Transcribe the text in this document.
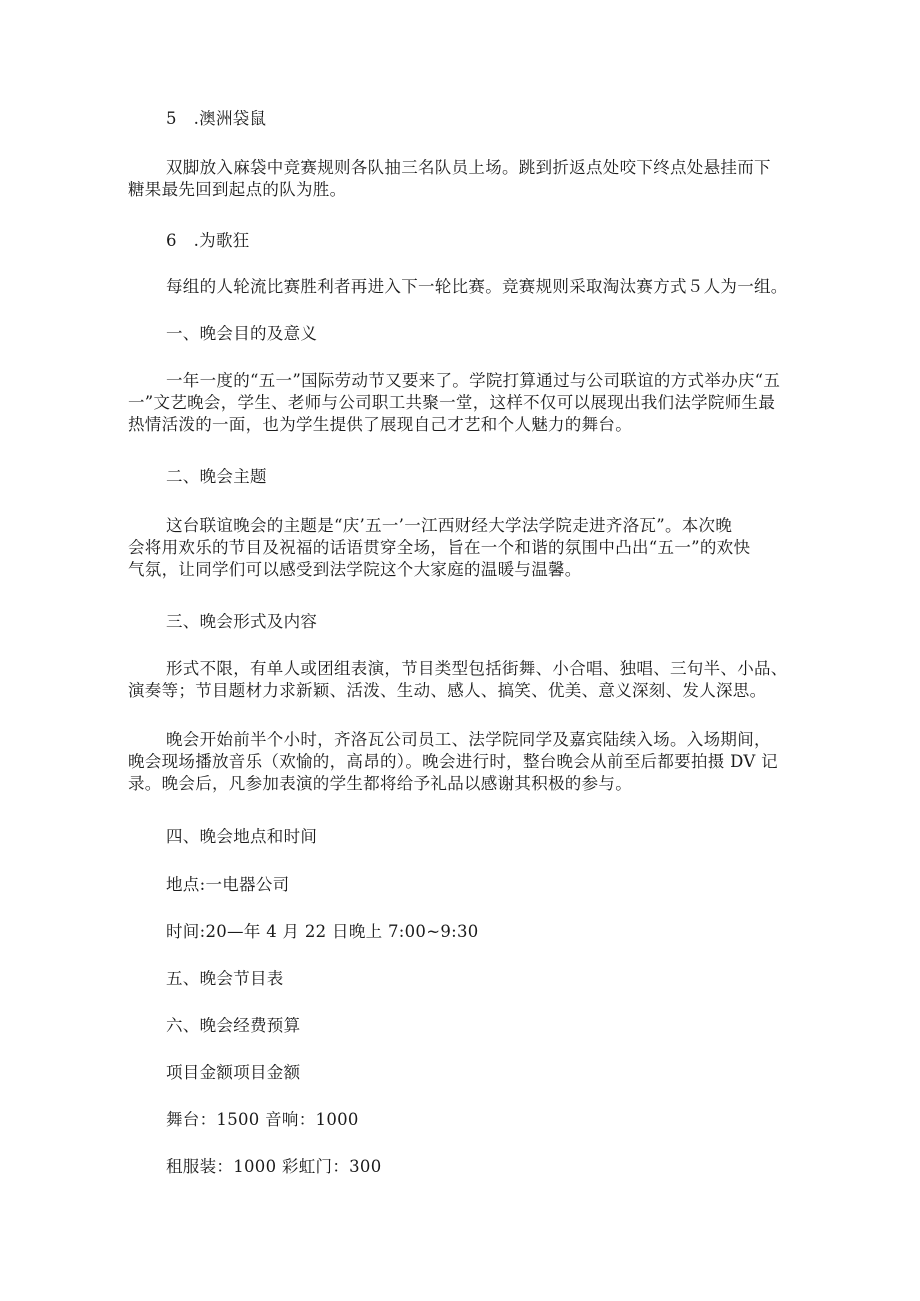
5　.澳洲袋鼠

双脚放入麻袋中竞赛规则各队抽三名队员上场。跳到折返点处咬下终点处悬挂而下
糖果最先回到起点的队为胜。

6　.为歌狂

每组的人轮流比赛胜利者再进入下一轮比赛。竞赛规则采取淘汰赛方式５人为一组。

一、晚会目的及意义

一年一度的“五一”国际劳动节又要来了。学院打算通过与公司联谊的方式举办庆“五
一”文艺晚会，学生、老师与公司职工共聚一堂，这样不仅可以展现出我们法学院师生最
热情活泼的一面，也为学生提供了展现自己才艺和个人魅力的舞台。

二、晚会主题

这台联谊晚会的主题是“庆’五一’一江西财经大学法学院走进齐洛瓦”。本次晚
会将用欢乐的节目及祝福的话语贯穿全场，旨在一个和谐的氛围中凸出“五一”的欢快
气氛，让同学们可以感受到法学院这个大家庭的温暖与温馨。

三、晚会形式及内容

形式不限，有单人或团组表演，节目类型包括街舞、小合唱、独唱、三句半、小品、
演奏等；节目题材力求新颖、活泼、生动、感人、搞笑、优美、意义深刻、发人深思。
晚会开始前半个小时，齐洛瓦公司员工、法学院同学及嘉宾陆续入场。入场期间，
晚会现场播放音乐（欢愉的，高昂的）。晚会进行时，整台晚会从前至后都要拍摄 DV 记
录。晚会后，凡参加表演的学生都将给予礼品以感谢其积极的参与。

四、晚会地点和时间

地点:一电器公司

时间:20—年 4 月 22 日晚上 7:00~9:30

五、晚会节目表

六、晚会经费预算

项目金额项目金额

舞台：1500 音响：1000

租服装：1000 彩虹门：300
